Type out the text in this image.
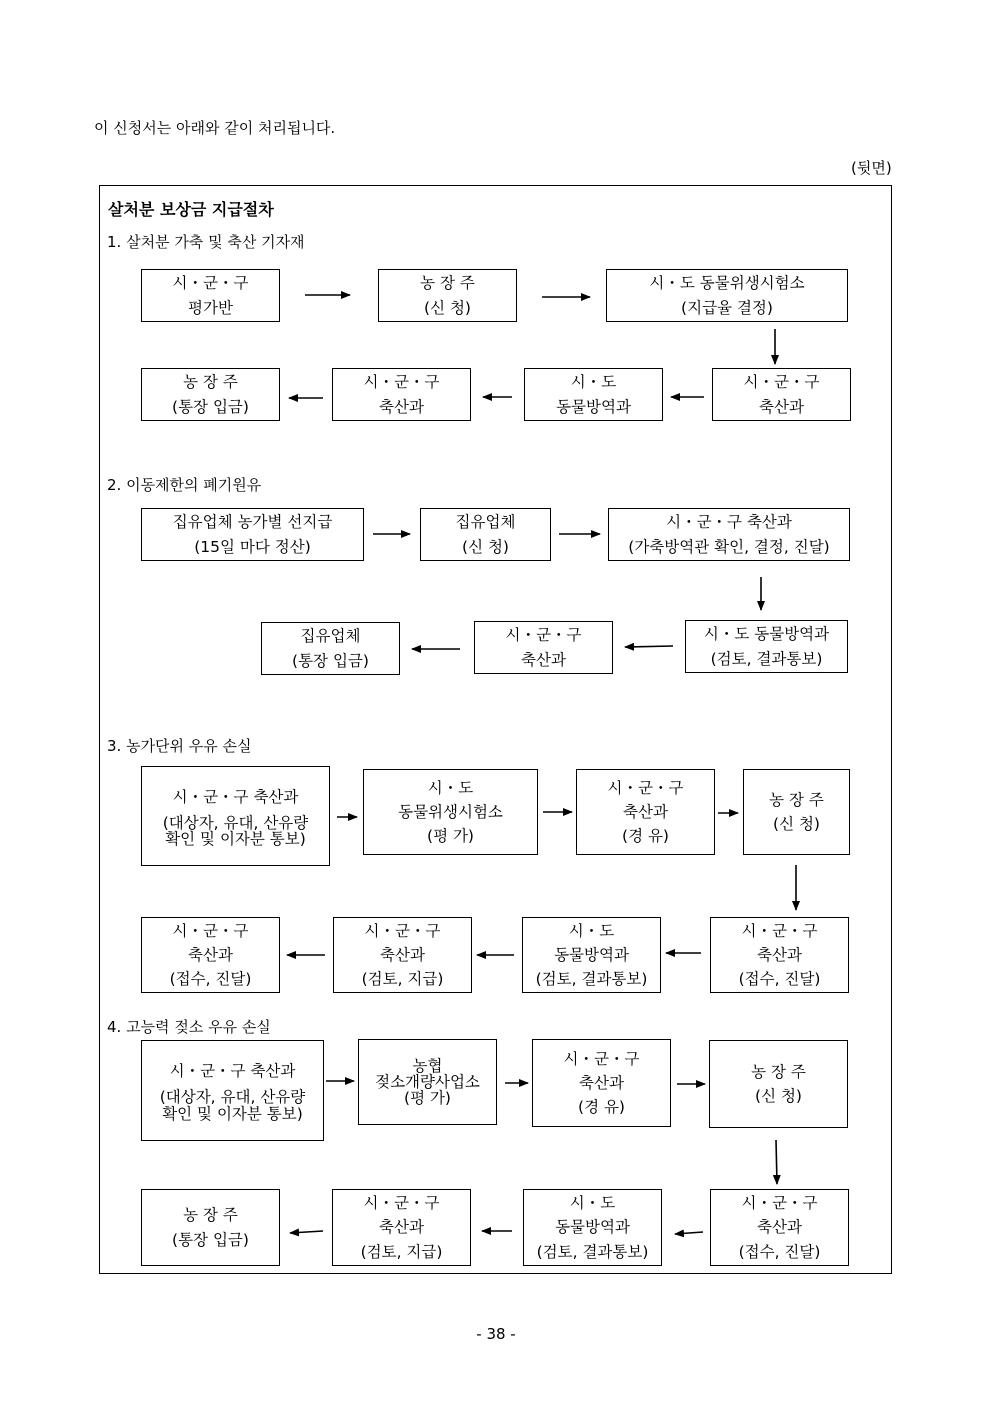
이 신청서는 아래와 같이 처리됩니다.
(뒷면)
살처분 보상금 지급절차
1. 살처분 가축 및 축산 기자재
시・군・구
평가반
농 장 주
(신 청)
시・도 동물위생시험소
(지급율 결정)
시・군・구
축산과
시・도
동물방역과
시・군・구
축산과
농 장 주
(통장 입금)
2. 이동제한의 폐기원유
집유업체 농가별 선지급
(15일 마다 정산)
집유업체
(신 청)
시・군・구 축산과
(가축방역관 확인, 결정, 진달)
시・도 동물방역과
(검토, 결과통보)
시・군・구
축산과
집유업체
(통장 입금)
3. 농가단위 우유 손실
시・군・구 축산과
(대상자, 유대, 산유량
확인 및 이자분 통보)
시・도
동물위생시험소
(평 가)
시・군・구
축산과
(경 유)
농 장 주
(신 청)
시・군・구
축산과
(접수, 진달)
시・도
동물방역과
(검토, 결과통보)
시・군・구
축산과
(검토, 지급)
시・군・구
축산과
(접수, 진달)
4. 고능력 젖소 우유 손실
시・군・구 축산과
(대상자, 유대, 산유량
확인 및 이자분 통보)
농협
젖소개량사업소
(평 가)
시・군・구
축산과
(경 유)
농 장 주
(신 청)
시・군・구
축산과
(접수, 진달)
시・도
동물방역과
(검토, 결과통보)
시・군・구
축산과
(검토, 지급)
농 장 주
(통장 입금)
- 38 -
